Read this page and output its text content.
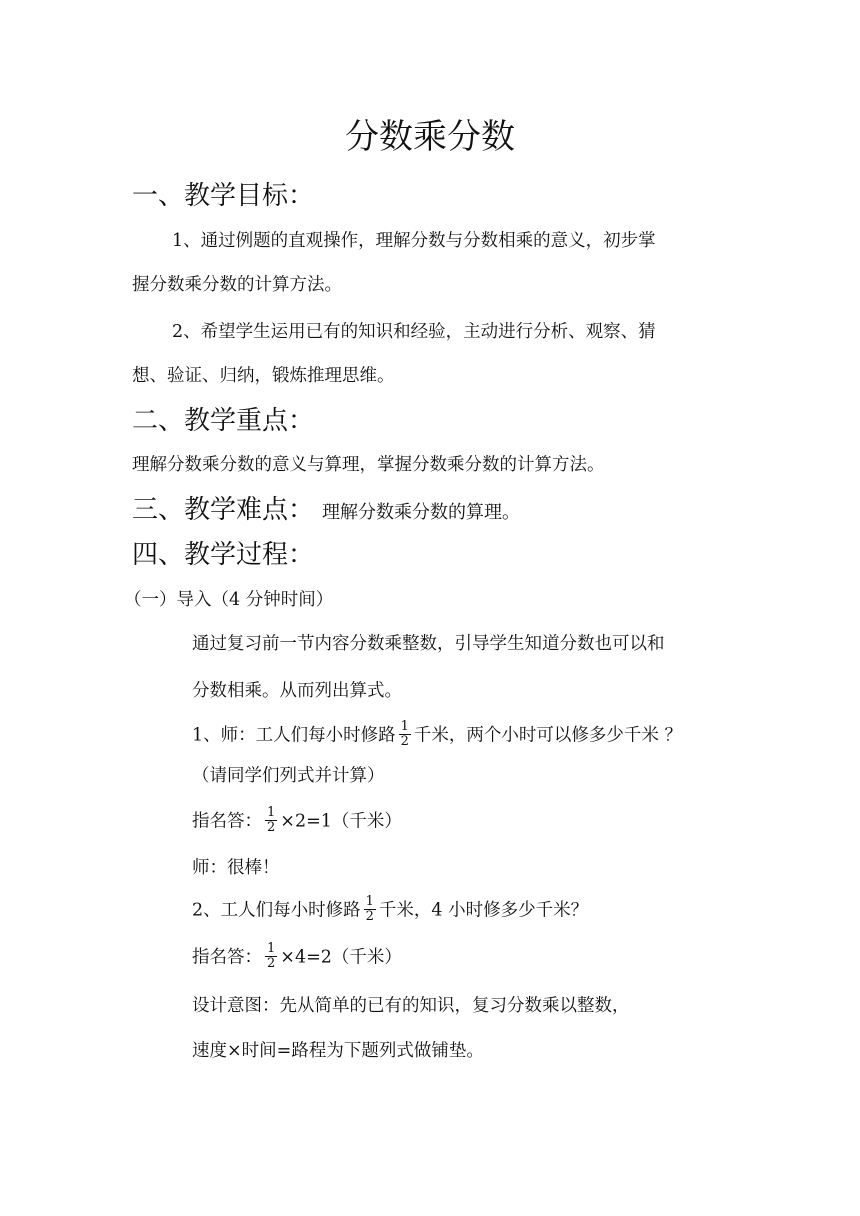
分数乘分数
一、教学目标：
1、通过例题的直观操作，理解分数与分数相乘的意义，初步掌
握分数乘分数的计算方法。
2、希望学生运用已有的知识和经验，主动进行分析、观察、猜
想、验证、归纳，锻炼推理思维。
二、教学重点：
理解分数乘分数的意义与算理，掌握分数乘分数的计算方法。
三、教学难点： 理解分数乘分数的算理。
四、教学过程：
（一）导入（4 分钟时间）
通过复习前一节内容分数乘整数，引导学生知道分数也可以和
分数相乘。从而列出算式。
1、师：工人们每小时修路 $\frac{1}{2}$ 千米，两个小时可以修多少千米 ？
（请同学们列式并计算）
指名答： $\frac{1}{2} \times 2=1$（千米）
师：很棒！
2、工人们每小时修路 $\frac{1}{2}$ 千米，4 小时修多少千米？
指名答： $\frac{1}{2} \times 4=2$（千米）
设计意图：先从简单的已有的知识，复习分数乘以整数，
速度×时间=路程为下题列式做铺垫。
